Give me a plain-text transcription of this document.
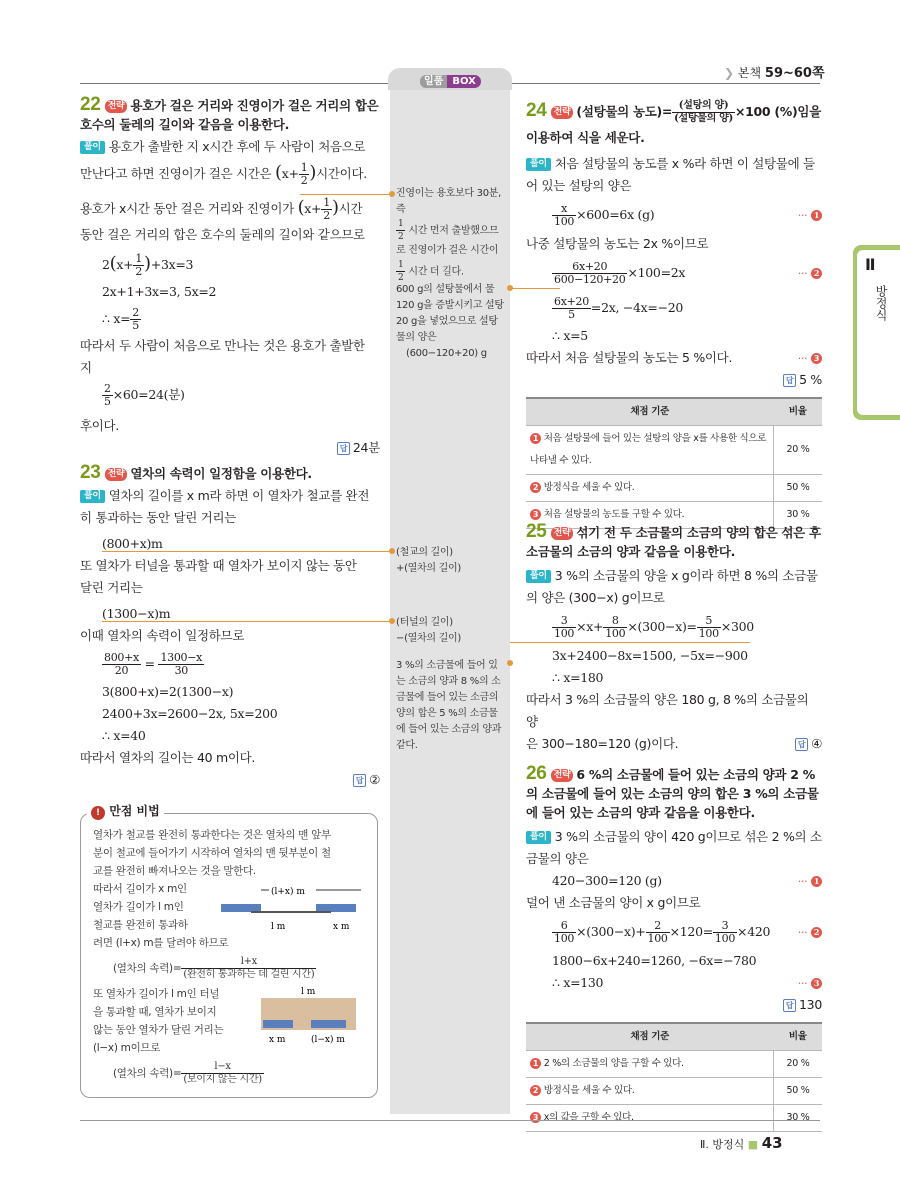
일품 BOX
❯ 본책 59~60쪽
Ⅱ
방정식
22 전략 용호가 걸은 거리와 진영이가 걸은 거리의 합은 호수의 둘레의 길이와 같음을 이용한다.
풀이 용호가 출발한 지 x시간 후에 두 사람이 처음으로
만난다고 하면 진영이가 걸은 시간은 ($x+ \frac{1}{2}$ )시간이다.
용호가 x시간 동안 걸은 거리와 진영이가 ($x+ \frac{1}{2}$ )시간
동안 걸은 거리의 합은 호수의 둘레의 길이와 같으므로
$2(x+ \frac{1}{2} )+3x=3$
2x+1+3x=3, 5x=2
∴ $x= \frac{2}{5}$
따라서 두 사람이 처음으로 만나는 것은 용호가 출발한 지
$\frac{2}{5} \times 60=24$(분)
후이다.
답 24분
23 전략 열차의 속력이 일정함을 이용한다.
풀이 열차의 길이를 x m라 하면 이 열차가 철교를 완전
히 통과하는 동안 달린 거리는
(800+x)m
또 열차가 터널을 통과할 때 열차가 보이지 않는 동안
달린 거리는
(1300−x)m
이때 열차의 속력이 일정하므로
$\frac{800+x}{20} = \frac{1300-x}{30}$
3(800+x)=2(1300−x)
2400+3x=2600−2x, 5x=200
∴ x=40
따라서 열차의 길이는 40 m이다.
답 ②
! 만점 비법
열차가 철교를 완전히 통과한다는 것은 열차의 맨 앞부
분이 철교에 들어가기 시작하여 열차의 맨 뒷부분이 철
교를 완전히 빠져나오는 것을 말한다.
따라서 길이가 x m인
열차가 길이가 l m인
철교를 완전히 통과하
려면 (l+x) m를 달려야 하므로
(열차의 속력)= $\frac{l+x}{\text{(완전히 통과하는 데 걸린 시간)}}$
또 열차가 길이가 l m인 터널
을 통과할 때, 열차가 보이지
않는 동안 열차가 달린 거리는
(l−x) m이므로
(열차의 속력)= $\frac{l-x}{\text{(보이지 않는 시간)}}$
(l+x) m
l m	x m
l m
x m	(l−x) m
진영이는 용호보다 30분, 즉
$\frac{1}{2}$ 시간 먼저 출발했으므로 진영이가 걸은 시간이
$\frac{1}{2}$ 시간 더 길다.
600 g의 설탕물에서 물 120 g을 증발시키고 설탕 20 g을 넣었으므로 설탕물의 양은
(600−120+20) g
(철교의 길이)
+(열차의 길이)
(터널의 길이)
−(열차의 길이)
3 %의 소금물에 들어 있는 소금의 양과 8 %의 소금물에 들어 있는 소금의 양의 합은 5 %의 소금물에 들어 있는 소금의 양과 같다.
24 전략 (설탕물의 농도)= $\frac{\text{(설탕의 양)}}{\text{(설탕물의 양)}} \times 100$ (%)임을
이용하여 식을 세운다.
풀이 처음 설탕물의 농도를 x %라 하면 이 설탕물에 들
어 있는 설탕의 양은
$\frac{x}{100} \times 600=6x$ (g)	··· 1
나중 설탕물의 농도는 2x %이므로
$\frac{6x+20}{600-120+20} \times 100=2x$	··· 2
$\frac{6x+20}{5} =2x$, −4x=−20
∴ x=5
따라서 처음 설탕물의 농도는 5 %이다.	··· 3
답 5 %
채점 기준	비율
1 처음 설탕물에 들어 있는 설탕의 양을 x를 사용한 식으로 나타낼 수 있다.	20 %
2 방정식을 세울 수 있다.	50 %
3 처음 설탕물의 농도를 구할 수 있다.	30 %
25 전략 섞기 전 두 소금물의 소금의 양의 합은 섞은 후 소금물의 소금의 양과 같음을 이용한다.
풀이 3 %의 소금물의 양을 x g이라 하면 8 %의 소금물
의 양은 (300−x) g이므로
$\frac{3}{100} \times x+ \frac{8}{100} \times(300-x)= \frac{5}{100} \times 300$
3x+2400−8x=1500, −5x=−900
∴ x=180
따라서 3 %의 소금물의 양은 180 g, 8 %의 소금물의 양
은 300−180=120 (g)이다.	답 ④
26 전략 6 %의 소금물에 들어 있는 소금의 양과 2 %의 소금물에 들어 있는 소금의 양의 합은 3 %의 소금물에 들어 있는 소금의 양과 같음을 이용한다.
풀이 3 %의 소금물의 양이 420 g이므로 섞은 2 %의 소
금물의 양은
420−300=120 (g)	··· 1
덜어 낸 소금물의 양이 x g이므로
$\frac{6}{100} \times(300-x)+ \frac{2}{100} \times 120= \frac{3}{100} \times 420$	··· 2
1800−6x+240=1260, −6x=−780
∴ x=130	··· 3
답 130
채점 기준	비율
1 2 %의 소금물의 양을 구할 수 있다.	20 %
2 방정식을 세울 수 있다.	50 %
3 x의 값을 구할 수 있다.	30 %
Ⅱ. 방정식 ■ 43
